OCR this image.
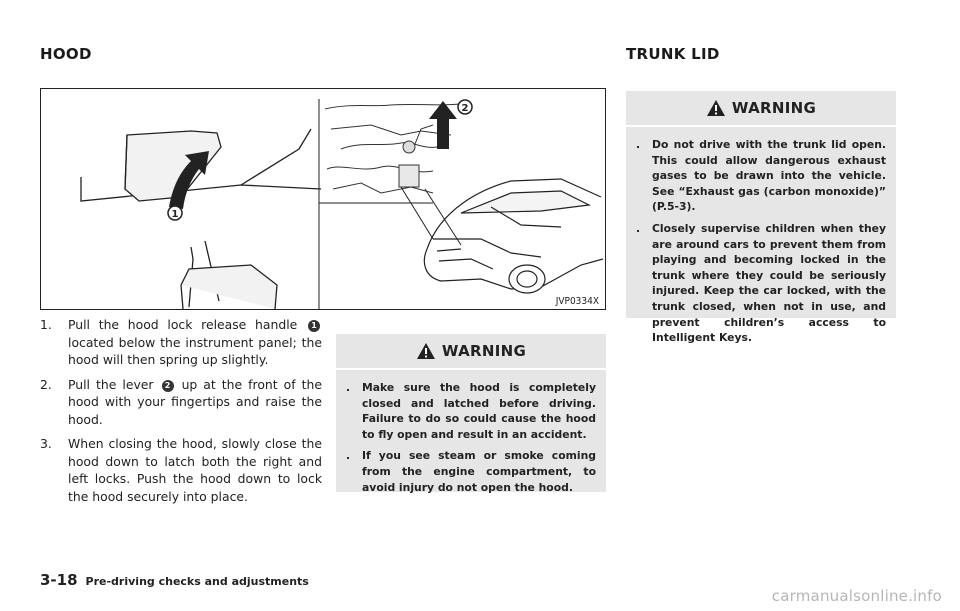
HOOD	TRUNK LID
1
2
JVP0334X
1.	Pull the hood lock release handle 1 located below the instrument panel; the hood will then spring up slightly.
2.	Pull the lever 2 up at the front of the hood with your fingertips and raise the hood.
3.	When closing the hood, slowly close the hood down to latch both the right and left locks. Push the hood down to lock the hood securely into place.
WARNING
.	Make sure the hood is completely closed and latched before driving. Failure to do so could cause the hood to fly open and result in an accident.
.	If you see steam or smoke coming from the engine compartment, to avoid injury do not open the hood.
WARNING
.	Do not drive with the trunk lid open. This could allow dangerous exhaust gases to be drawn into the vehicle. See “Exhaust gas (carbon monoxide)” (P.5-3).
.	Closely supervise children when they are around cars to prevent them from playing and becoming locked in the trunk where they could be seriously injured. Keep the car locked, with the trunk closed, when not in use, and prevent children’s access to Intelligent Keys.
3-18 Pre-driving checks and adjustments
carmanualsonline.info
